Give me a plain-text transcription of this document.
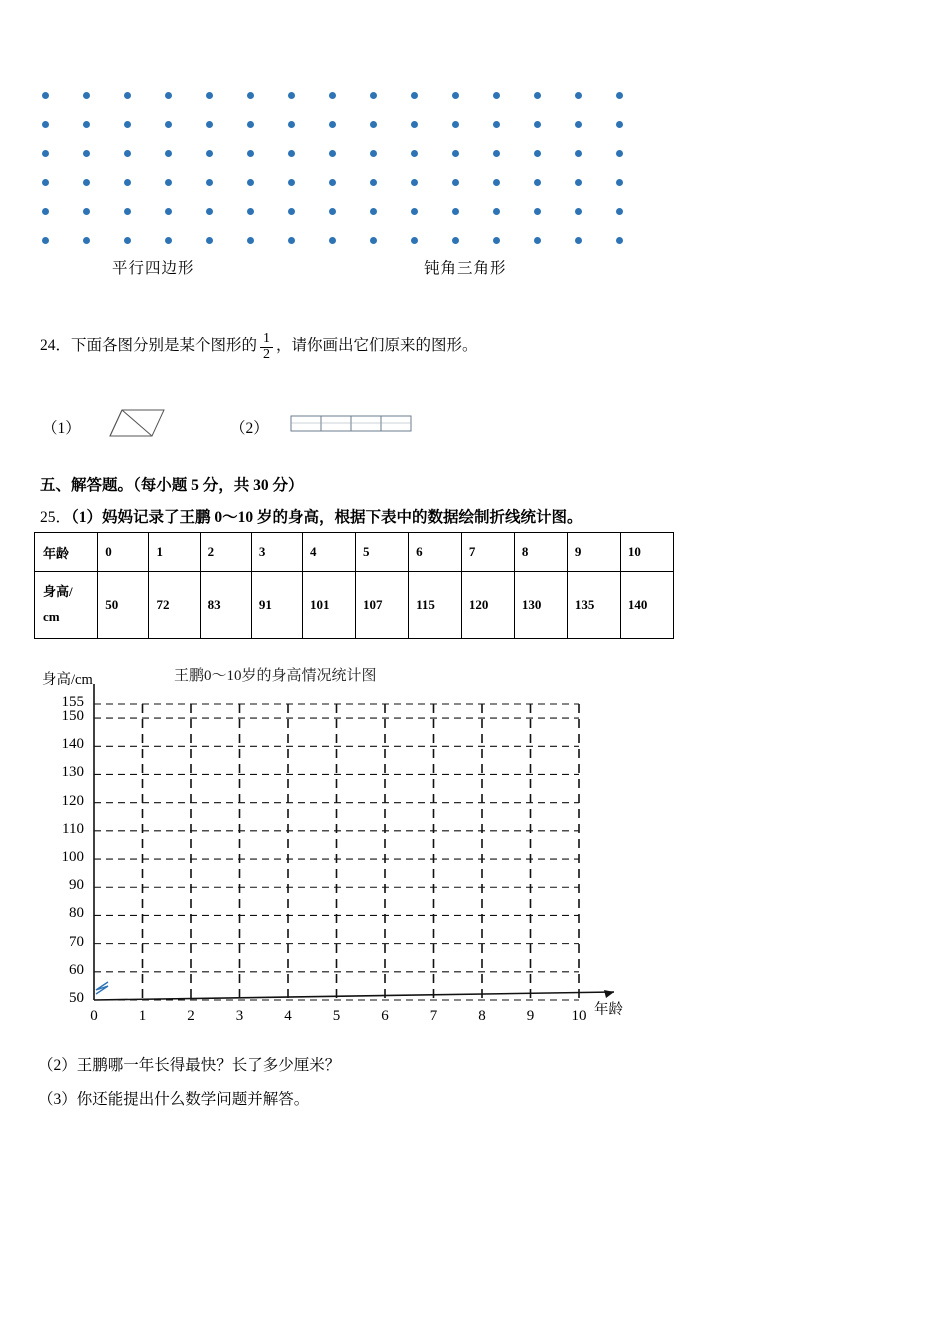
平行四边形	钝角三角形
24．下面各图分别是某个图形的 $\frac{1}{2}$ ，请你画出它们原来的图形。
（1）	（2）
五、解答题。（每小题 5 分，共 30 分）
25．（1）妈妈记录了王鹏 0～10 岁的身高，根据下表中的数据绘制折线统计图。
年龄	0	1	2	3	4	5	6	7	8	9	10

身高/
cm	50	72	83	91	101	107	115	120	130	135	140
王鹏0～10岁的身高情况统计图
身高/cm
年龄
50
60
70
80
90
100
110
120
130
140
150
155
0	1	2	3	4	5	6	7	8	9	10
（2）王鹏哪一年长得最快？长了多少厘米？
（3）你还能提出什么数学问题并解答。
